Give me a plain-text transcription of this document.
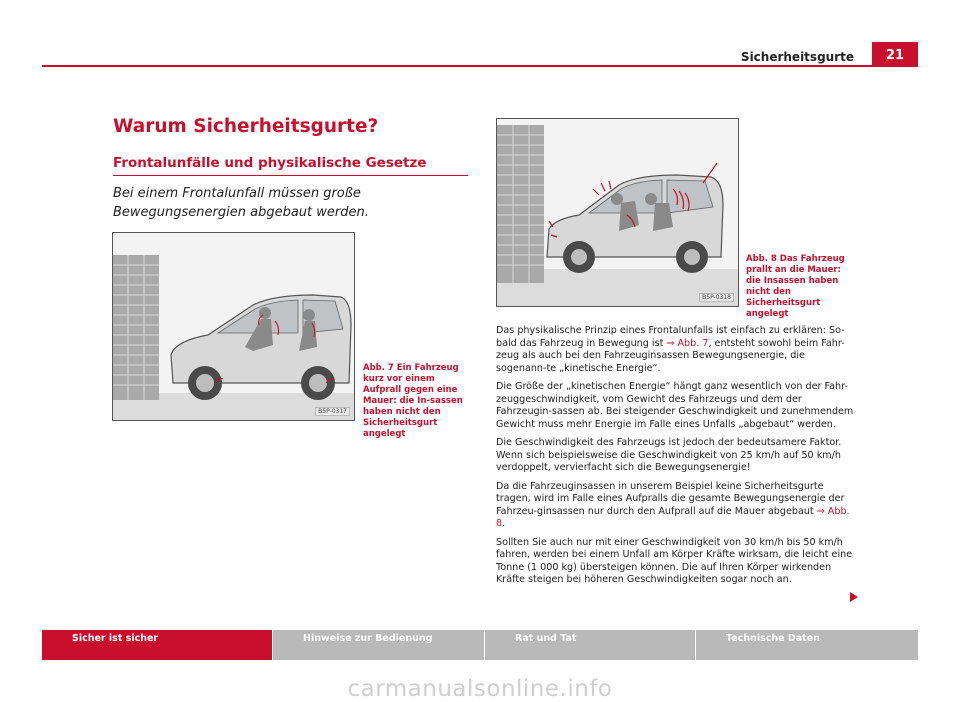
Sicherheitsgurte	21
Warum Sicherheitsgurte?
Frontalunfälle und physikalische Gesetze
Bei einem Frontalunfall müssen große Bewegungsenergien abgebaut werden.
B5P-0317
Abb. 7 Ein Fahrzeug kurz vor einem Aufprall gegen eine Mauer: die In-sassen haben nicht den Sicherheitsgurt angelegt
B5P-0318
Abb. 8 Das Fahrzeug prallt an die Mauer: die Insassen haben nicht den Sicherheitsgurt angelegt

Das physikalische Prinzip eines Frontalunfalls ist einfach zu erklären: So-bald das Fahrzeug in Bewegung ist ⇒ Abb. 7, entsteht sowohl beim Fahr-zeug als auch bei den Fahrzeuginsassen Bewegungsenergie, die sogenann-te „kinetische Energie“.

Die Größe der „kinetischen Energie“ hängt ganz wesentlich von der Fahr-zeuggeschwindigkeit, vom Gewicht des Fahrzeugs und dem der Fahrzeugin-sassen ab. Bei steigender Geschwindigkeit und zunehmendem Gewicht muss mehr Energie im Falle eines Unfalls „abgebaut“ werden.

Die Geschwindigkeit des Fahrzeugs ist jedoch der bedeutsamere Faktor. Wenn sich beispielsweise die Geschwindigkeit von 25 km/h auf 50 km/h verdoppelt, vervierfacht sich die Bewegungsenergie!

Da die Fahrzeuginsassen in unserem Beispiel keine Sicherheitsgurte tragen, wird im Falle eines Aufpralls die gesamte Bewegungsenergie der Fahrzeu-ginsassen nur durch den Aufprall auf die Mauer abgebaut ⇒ Abb. 8.

Sollten Sie auch nur mit einer Geschwindigkeit von 30 km/h bis 50 km/h fahren, werden bei einem Unfall am Körper Kräfte wirksam, die leicht eine Tonne (1 000 kg) übersteigen können. Die auf Ihren Körper wirkenden Kräfte steigen bei höheren Geschwindigkeiten sogar noch an.

Sicher ist sicher	Hinweise zur Bedienung	Rat und Tat	Technische Daten
carmanualsonline.info
